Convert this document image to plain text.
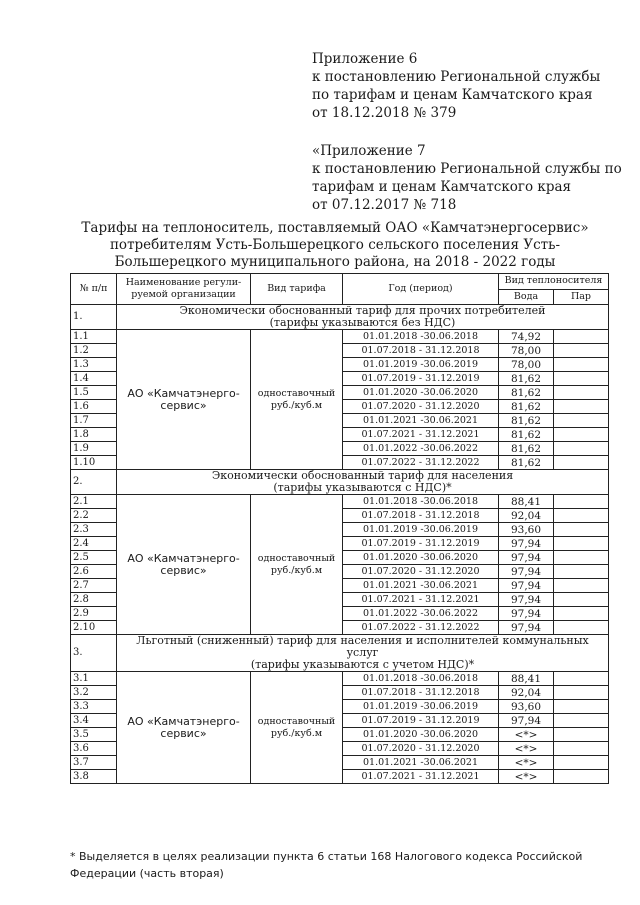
Приложение 6

к постановлению Региональной службы

по тарифам и ценам Камчатского края

от 18.12.2018 № 379

«Приложение 7

к постановлению Региональной службы по

тарифам и ценам Камчатского края

от 07.12.2017 № 718

Тарифы на теплоноситель, поставляемый ОАО «Камчатэнергосервис»
потребителям Усть-Большерецкого сельского поселения Усть-
Большерецкого муниципального района, на 2018 - 2022 годы
№ п/п	Наименование регули-руемой организации	Вид тарифа	Год (период)	Вид теплоносителя	
				Вода	Пар
1.	Экономически обоснованный тариф для прочих потребителей
(тарифы указываются без НДС)				

1.1	АО «Камчатэнерго-сервис»	одноставочный руб./куб.м	01.01.2018 -30.06.2018	74,92	
1.2			01.07.2018 - 31.12.2018	78,00	
1.3			01.01.2019 -30.06.2019	78,00	
1.4			01.07.2019 - 31.12.2019	81,62	
1.5			01.01.2020 -30.06.2020	81,62	
1.6			01.07.2020 - 31.12.2020	81,62	
1.7			01.01.2021 -30.06.2021	81,62	
1.8			01.07.2021 - 31.12.2021	81,62	
1.9			01.01.2022 -30.06.2022	81,62	
1.10			01.07.2022 - 31.12.2022	81,62	
2.	Экономически обоснованный тариф для населения
(тарифы указываются с НДС)*				

2.1	АО «Камчатэнерго-сервис»	одноставочный руб./куб.м	01.01.2018 -30.06.2018	88,41	
2.2			01.07.2018 - 31.12.2018	92,04	
2.3			01.01.2019 -30.06.2019	93,60	
2.4			01.07.2019 - 31.12.2019	97,94	
2.5			01.01.2020 -30.06.2020	97,94	
2.6			01.07.2020 - 31.12.2020	97,94	
2.7			01.01.2021 -30.06.2021	97,94	
2.8			01.07.2021 - 31.12.2021	97,94	
2.9			01.01.2022 -30.06.2022	97,94	
2.10			01.07.2022 - 31.12.2022	97,94	
3.	Льготный (сниженный) тариф для населения и исполнителей коммунальных услуг
(тарифы указываются с учетом НДС)*				

3.1	АО «Камчатэнерго-сервис»	одноставочный руб./куб.м	01.01.2018 -30.06.2018	88,41	
3.2			01.07.2018 - 31.12.2018	92,04	
3.3			01.01.2019 -30.06.2019	93,60	
3.4			01.07.2019 - 31.12.2019	97,94	
3.5			01.01.2020 -30.06.2020	<*>	
3.6			01.07.2020 - 31.12.2020	<*>	
3.7			01.01.2021 -30.06.2021	<*>	
3.8			01.07.2021 - 31.12.2021	<*>	
* Выделяется в целях реализации пункта 6 статьи 168 Налогового кодекса Российской Федерации (часть вторая)
